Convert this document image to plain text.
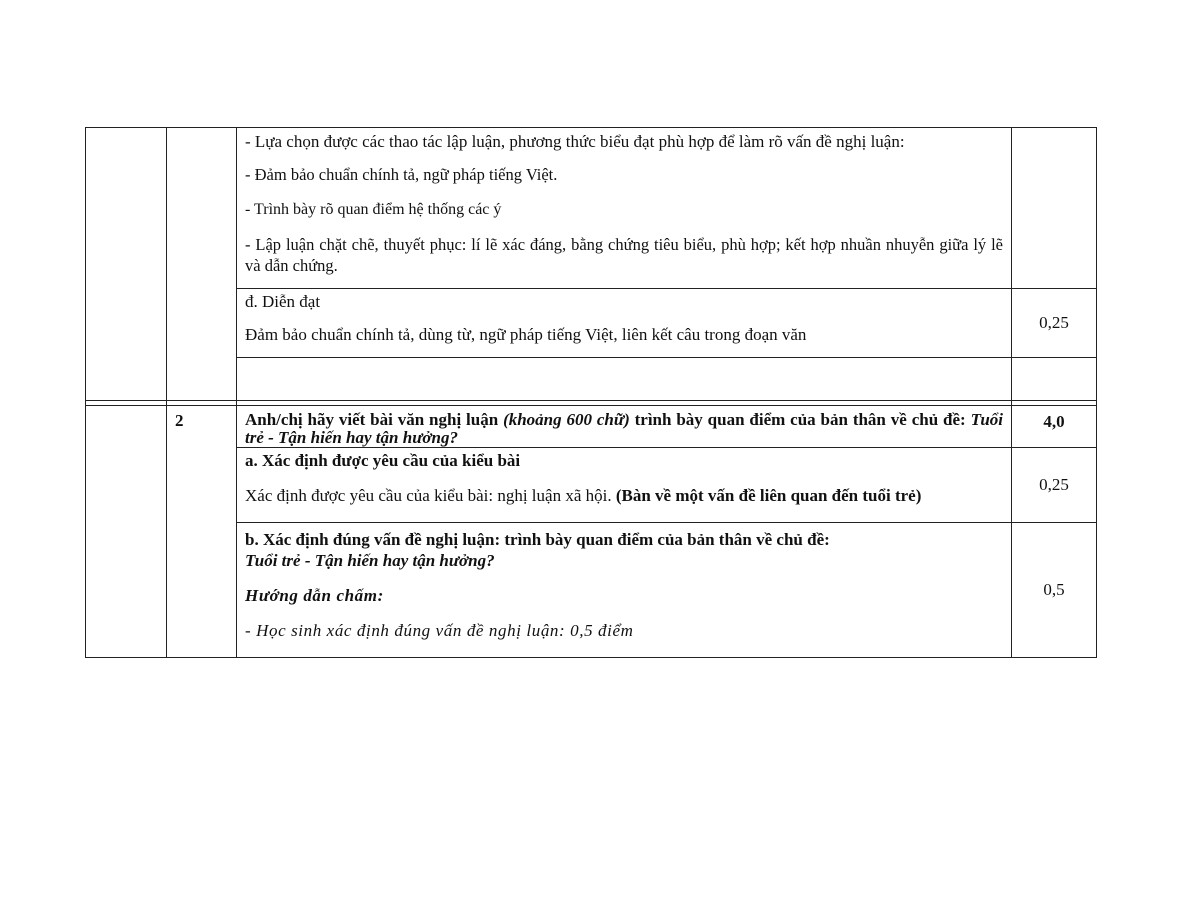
		- Lựa chọn được các thao tác lập luận, phương thức biểu đạt phù hợp để làm rõ vấn đề nghị luận:

- Đảm bảo chuẩn chính tả, ngữ pháp tiếng Việt.

- Trình bày rõ quan điểm hệ thống các ý

- Lập luận chặt chẽ, thuyết phục: lí lẽ xác đáng, bằng chứng tiêu biểu, phù hợp; kết hợp nhuần nhuyễn giữa lý lẽ và dẫn chứng.	

		đ. Diễn đạt

Đảm bảo chuẩn chính tả, dùng từ, ngữ pháp tiếng Việt, liên kết câu trong đoạn văn	0,25

	2	Anh/chị hãy viết bài văn nghị luận (khoảng 600 chữ) trình bày quan điểm của bản thân về chủ đề: Tuổi trẻ - Tận hiến hay tận hưởng?	4,0

		a. Xác định được yêu cầu của kiểu bài

Xác định được yêu cầu của kiểu bài: nghị luận xã hội. (Bàn về một vấn đề liên quan đến tuổi trẻ)	0,25

		b. Xác định đúng vấn đề nghị luận: trình bày quan điểm của bản thân về chủ đề:

Tuổi trẻ - Tận hiến hay tận hưởng?

Hướng dẫn chấm:

- Học sinh xác định đúng vấn đề nghị luận: 0,5 điểm	0,5
